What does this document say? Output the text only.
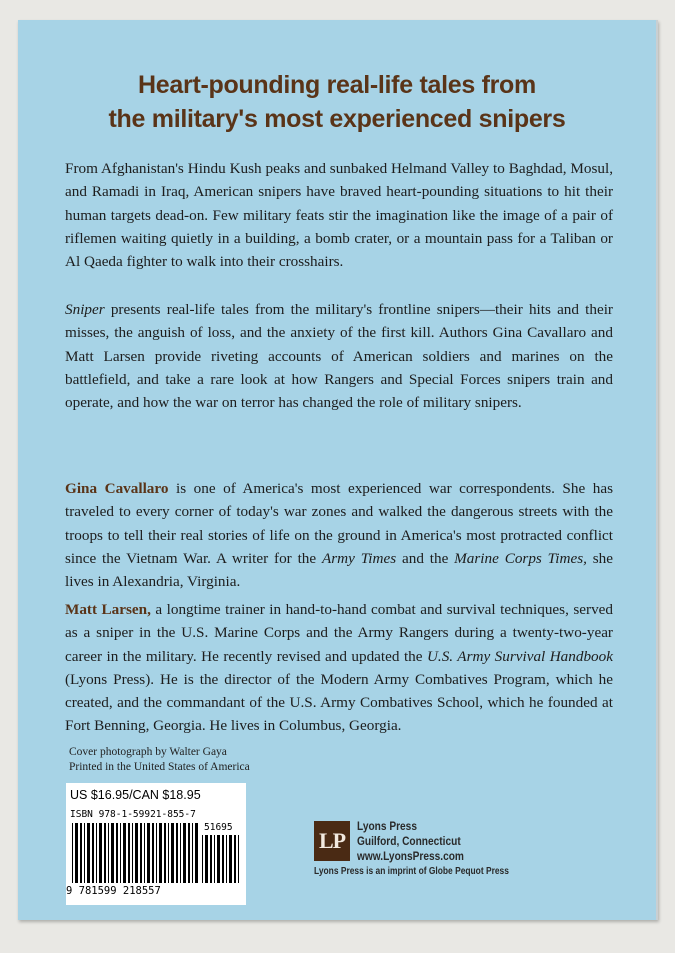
Heart-pounding real-life tales from
the military's most experienced snipers

From Afghanistan's Hindu Kush peaks and sunbaked Helmand Valley to Baghdad, Mosul, and Ramadi in Iraq, American snipers have braved heart-pounding situations to hit their human targets dead-on. Few military feats stir the imagination like the image of a pair of riflemen waiting quietly in a building, a bomb crater, or a mountain pass for a Taliban or Al Qaeda fighter to walk into their crosshairs.

Sniper presents real-life tales from the military's frontline snipers—their hits and their misses, the anguish of loss, and the anxiety of the first kill. Authors Gina Cavallaro and Matt Larsen provide riveting accounts of American soldiers and marines on the battlefield, and take a rare look at how Rangers and Special Forces snipers train and operate, and how the war on terror has changed the role of military snipers.

Gina Cavallaro is one of America's most experienced war correspondents. She has traveled to every corner of today's war zones and walked the dangerous streets with the troops to tell their real stories of life on the ground in America's most protracted conflict since the Vietnam War. A writer for the Army Times and the Marine Corps Times, she lives in Alexandria, Virginia.

Matt Larsen, a longtime trainer in hand-to-hand combat and survival techniques, served as a sniper in the U.S. Marine Corps and the Army Rangers during a twenty-two-year career in the military. He recently revised and updated the U.S. Army Survival Handbook (Lyons Press). He is the director of the Modern Army Combatives Program, which he created, and the commandant of the U.S. Army Combatives School, which he founded at Fort Benning, Georgia. He lives in Columbus, Georgia.

Cover photograph by Walter Gaya
Printed in the United States of America
US $16.95/CAN $18.95
ISBN 978-1-59921-855-7
51695
9 781599 218557
LP
Lyons Press
Guilford, Connecticut
www.LyonsPress.com
Lyons Press is an imprint of Globe Pequot Press
